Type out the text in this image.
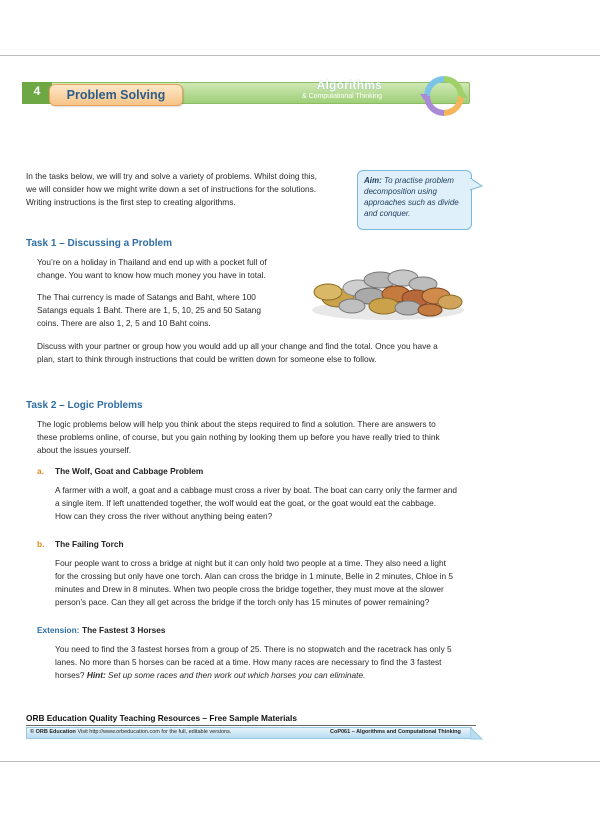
4	Problem Solving
Algorithms
& Computational Thinking
In the tasks below, we will try and solve a variety of problems. Whilst doing this,
we will consider how we might write down a set of instructions for the solutions.
Writing instructions is the first step to creating algorithms.
Aim: To practise problem
decomposition using
approaches such as divide
and conquer.
Task 1 – Discussing a Problem
You’re on a holiday in Thailand and end up with a pocket full of
change. You want to know how much money you have in total.
The Thai currency is made of Satangs and Baht, where 100
Satangs equals 1 Baht. There are 1, 5, 10, 25 and 50 Satang
coins. There are also 1, 2, 5 and 10 Baht coins.
Discuss with your partner or group how you would add up all your change and find the total. Once you have a
plan, start to think through instructions that could be written down for someone else to follow.
Task 2 – Logic Problems
The logic problems below will help you think about the steps required to find a solution. There are answers to
these problems online, of course, but you gain nothing by looking them up before you have really tried to think
about the issues yourself.
a. The Wolf, Goat and Cabbage Problem
A farmer with a wolf, a goat and a cabbage must cross a river by boat. The boat can carry only the farmer and
a single item. If left unattended together, the wolf would eat the goat, or the goat would eat the cabbage.
How can they cross the river without anything being eaten?
b. The Failing Torch
Four people want to cross a bridge at night but it can only hold two people at a time. They also need a light
for the crossing but only have one torch. Alan can cross the bridge in 1 minute, Belle in 2 minutes, Chloe in 5
minutes and Drew in 8 minutes. When two people cross the bridge together, they must move at the slower
person’s pace. Can they all get across the bridge if the torch only has 15 minutes of power remaining?
Extension: The Fastest 3 Horses
You need to find the 3 fastest horses from a group of 25. There is no stopwatch and the racetrack has only 5
lanes. No more than 5 horses can be raced at a time. How many races are necessary to find the 3 fastest
horses? Hint: Set up some races and then work out which horses you can eliminate.
ORB Education Quality Teaching Resources – Free Sample Materials
© ORB Education Visit http://www.orbeducation.com for the full, editable versions.	CoP061 – Algorithms and Computational Thinking
